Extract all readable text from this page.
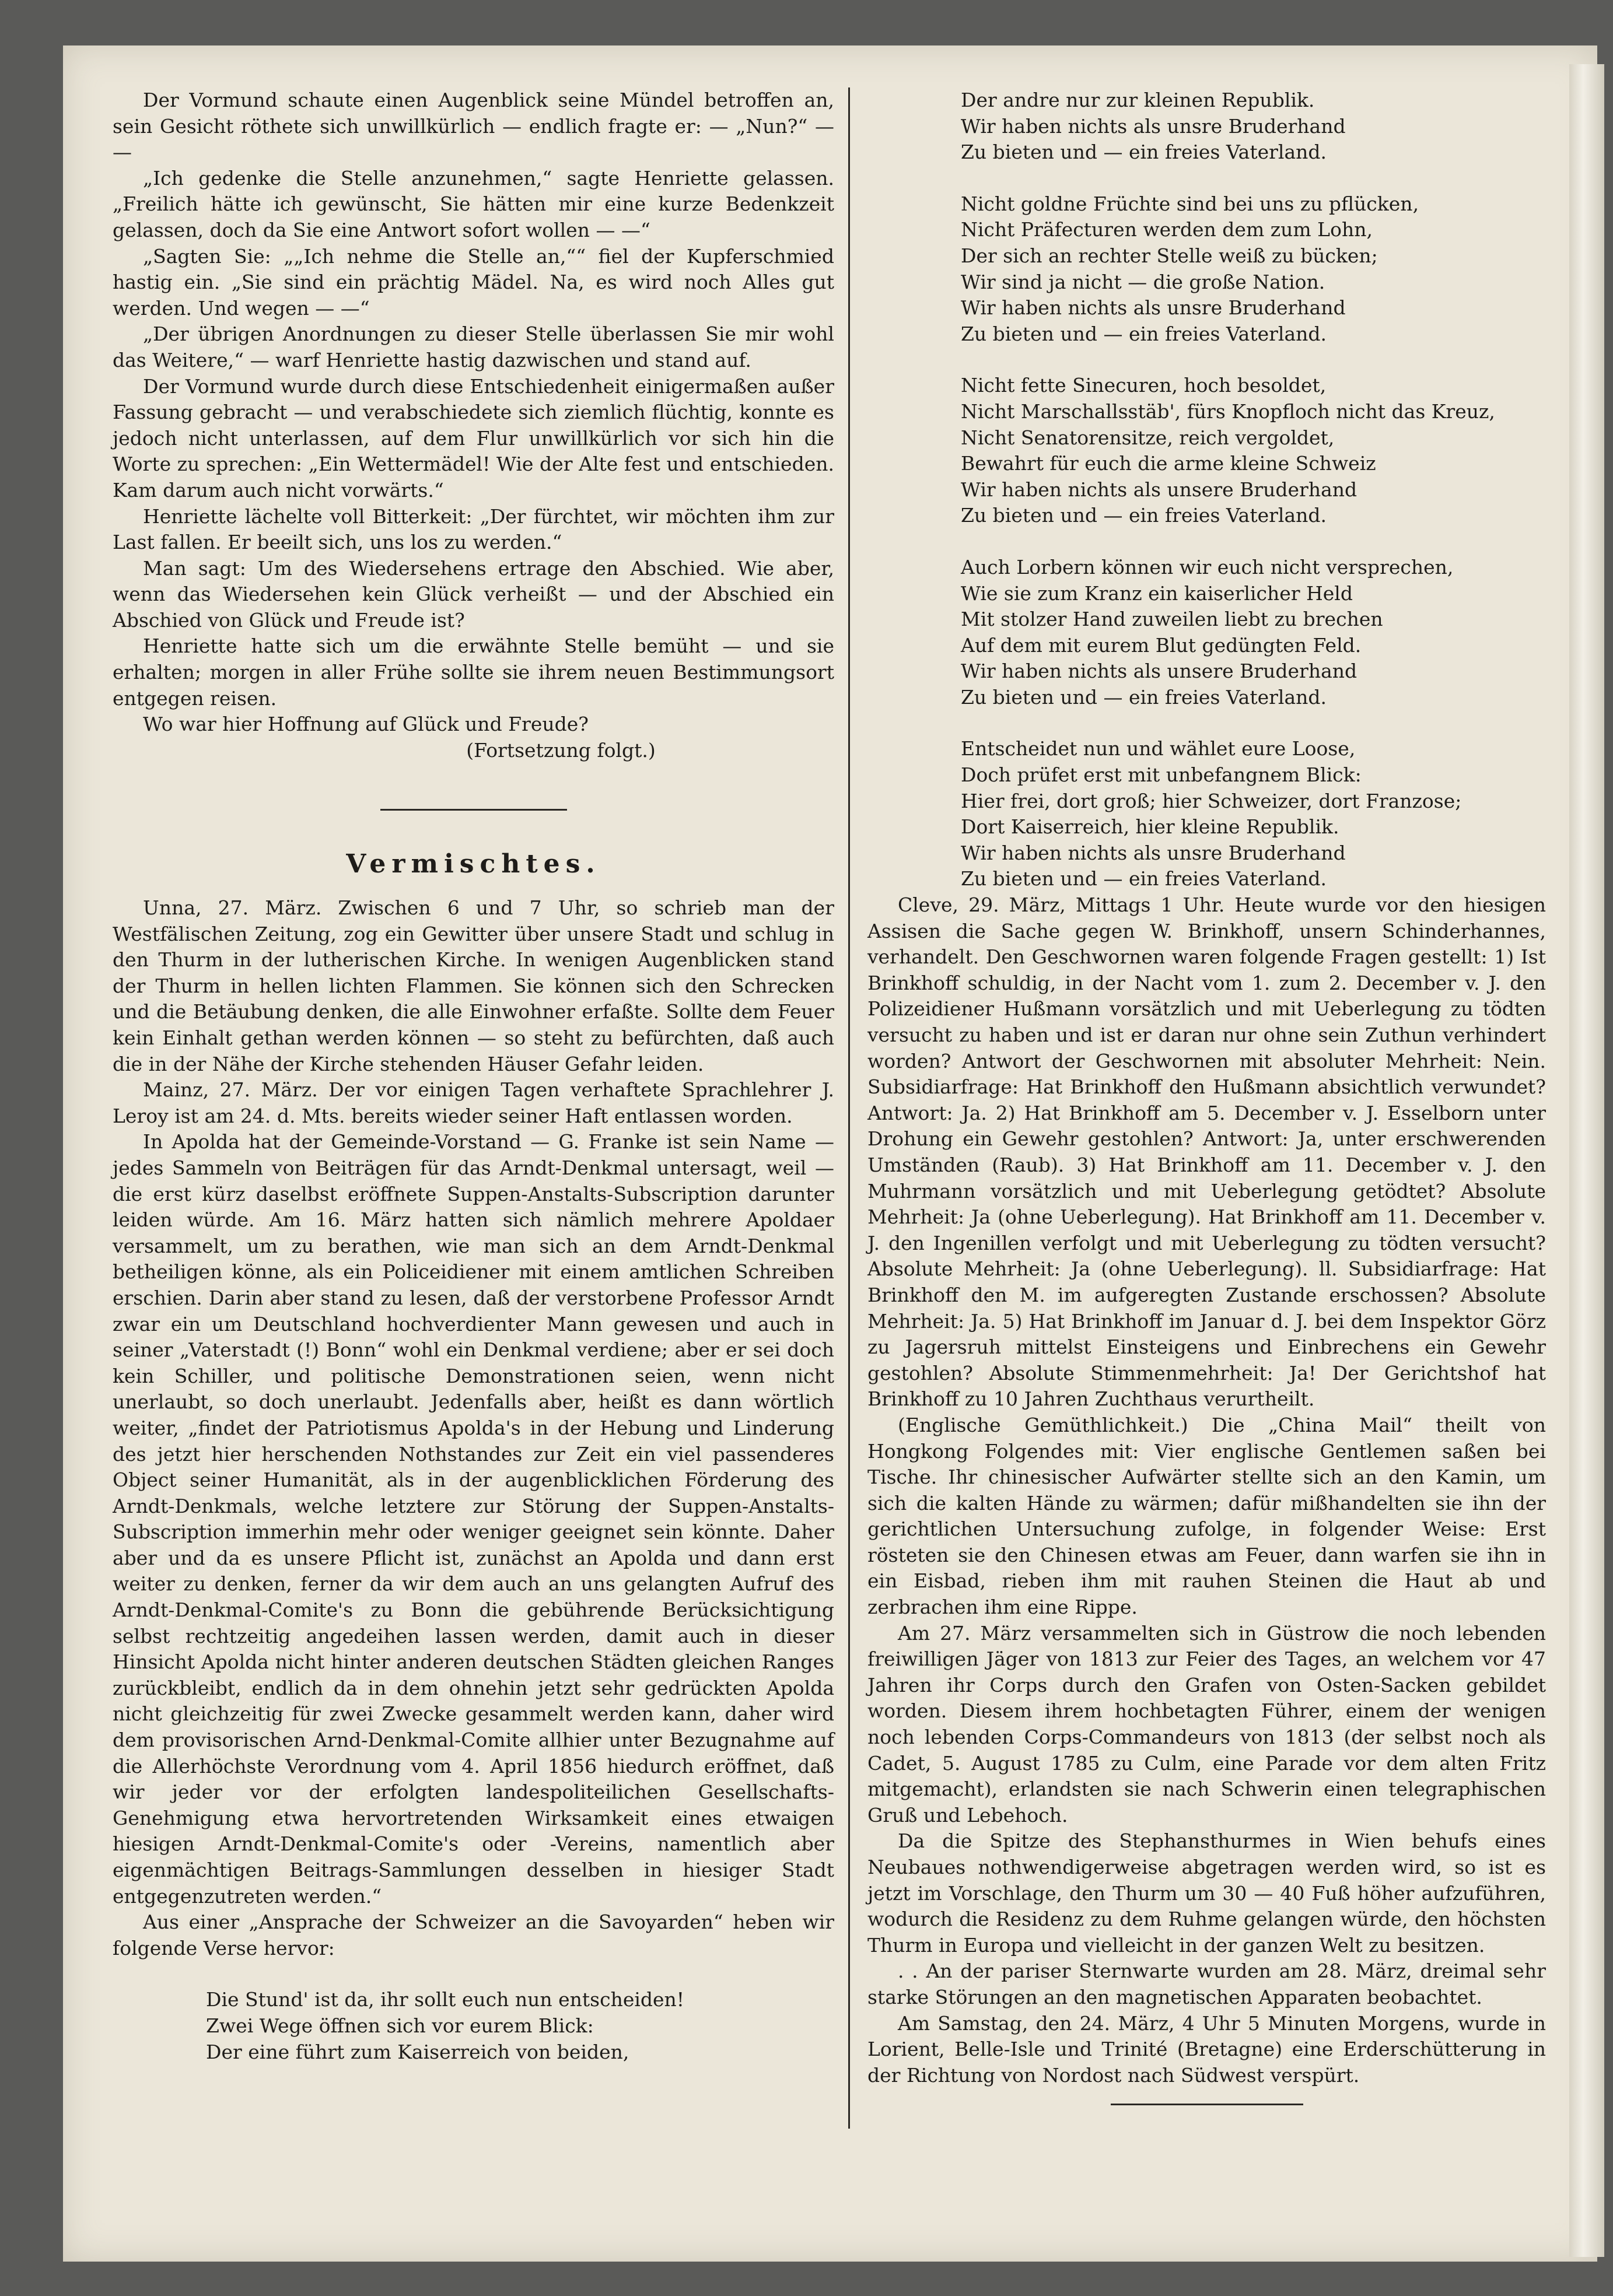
Der Vormund schaute einen Augenblick seine Mündel betroffen an, sein Gesicht röthete sich unwillkürlich — endlich fragte er: — „Nun?“ — —

„Ich gedenke die Stelle anzunehmen,“ sagte Henriette gelassen. „Freilich hätte ich gewünscht, Sie hätten mir eine kurze Bedenkzeit gelassen, doch da Sie eine Antwort sofort wollen — —“

„Sagten Sie: „„Ich nehme die Stelle an,““ fiel der Kupferschmied hastig ein. „Sie sind ein prächtig Mädel. Na, es wird noch Alles gut werden. Und wegen — —“

„Der übrigen Anordnungen zu dieser Stelle überlassen Sie mir wohl das Weitere,“ — warf Henriette hastig dazwischen und stand auf.

Der Vormund wurde durch diese Entschiedenheit einigermaßen außer Fassung gebracht — und verabschiedete sich ziemlich flüchtig, konnte es jedoch nicht unterlassen, auf dem Flur unwillkürlich vor sich hin die Worte zu sprechen: „Ein Wettermädel! Wie der Alte fest und entschieden. Kam darum auch nicht vorwärts.“

Henriette lächelte voll Bitterkeit: „Der fürchtet, wir möchten ihm zur Last fallen. Er beeilt sich, uns los zu werden.“

Man sagt: Um des Wiedersehens ertrage den Abschied. Wie aber, wenn das Wiedersehen kein Glück verheißt — und der Abschied ein Abschied von Glück und Freude ist?

Henriette hatte sich um die erwähnte Stelle bemüht — und sie erhalten; morgen in aller Frühe sollte sie ihrem neuen Bestimmungsort entgegen reisen.

Wo war hier Hoffnung auf Glück und Freude?

(Fortsetzung folgt.)

Vermischtes.

Unna, 27. März. Zwischen 6 und 7 Uhr, so schrieb man der Westfälischen Zeitung, zog ein Gewitter über unsere Stadt und schlug in den Thurm in der lutherischen Kirche. In wenigen Augenblicken stand der Thurm in hellen lichten Flammen. Sie können sich den Schrecken und die Betäubung denken, die alle Einwohner erfaßte. Sollte dem Feuer kein Einhalt gethan werden können — so steht zu befürchten, daß auch die in der Nähe der Kirche stehenden Häuser Gefahr leiden.

Mainz, 27. März. Der vor einigen Tagen verhaftete Sprachlehrer J. Leroy ist am 24. d. Mts. bereits wieder seiner Haft entlassen worden.

In Apolda hat der Gemeinde-Vorstand — G. Franke ist sein Name — jedes Sammeln von Beiträgen für das Arndt-Denkmal untersagt, weil — die erst kürz daselbst eröffnete Suppen-Anstalts-Subscription darunter leiden würde. Am 16. März hatten sich nämlich mehrere Apoldaer versammelt, um zu berathen, wie man sich an dem Arndt-Denkmal betheiligen könne, als ein Policeidiener mit einem amtlichen Schreiben erschien. Darin aber stand zu lesen, daß der verstorbene Professor Arndt zwar ein um Deutschland hochverdienter Mann gewesen und auch in seiner „Vaterstadt (!) Bonn“ wohl ein Denkmal verdiene; aber er sei doch kein Schiller, und politische Demonstrationen seien, wenn nicht unerlaubt, so doch unerlaubt. Jedenfalls aber, heißt es dann wörtlich weiter, „findet der Patriotismus Apolda's in der Hebung und Linderung des jetzt hier herschenden Nothstandes zur Zeit ein viel passenderes Object seiner Humanität, als in der augenblicklichen Förderung des Arndt-Denkmals, welche letztere zur Störung der Suppen-Anstalts-Subscription immerhin mehr oder weniger geeignet sein könnte. Daher aber und da es unsere Pflicht ist, zunächst an Apolda und dann erst weiter zu denken, ferner da wir dem auch an uns gelangten Aufruf des Arndt-Denkmal-Comite's zu Bonn die gebührende Berücksichtigung selbst rechtzeitig angedeihen lassen werden, damit auch in dieser Hinsicht Apolda nicht hinter anderen deutschen Städten gleichen Ranges zurückbleibt, endlich da in dem ohnehin jetzt sehr gedrückten Apolda nicht gleichzeitig für zwei Zwecke gesammelt werden kann, daher wird dem provisorischen Arnd-Denkmal-Comite allhier unter Bezugnahme auf die Allerhöchste Verordnung vom 4. April 1856 hiedurch eröffnet, daß wir jeder vor der erfolgten landespoliteilichen Gesellschafts-Genehmigung etwa hervortretenden Wirksamkeit eines etwaigen hiesigen Arndt-Denkmal-Comite's oder -Vereins, namentlich aber eigenmächtigen Beitrags-Sammlungen desselben in hiesiger Stadt entgegenzutreten werden.“

Aus einer „Ansprache der Schweizer an die Savoyarden“ heben wir folgende Verse hervor:

Die Stund' ist da, ihr sollt euch nun entscheiden!
Zwei Wege öffnen sich vor eurem Blick:
Der eine führt zum Kaiserreich von beiden,
Der andre nur zur kleinen Republik.
Wir haben nichts als unsre Bruderhand
Zu bieten und — ein freies Vaterland.
Nicht goldne Früchte sind bei uns zu pflücken,
Nicht Präfecturen werden dem zum Lohn,
Der sich an rechter Stelle weiß zu bücken;
Wir sind ja nicht — die große Nation.
Wir haben nichts als unsre Bruderhand
Zu bieten und — ein freies Vaterland.
Nicht fette Sinecuren, hoch besoldet,
Nicht Marschallsstäb', fürs Knopfloch nicht das Kreuz,
Nicht Senatorensitze, reich vergoldet,
Bewahrt für euch die arme kleine Schweiz
Wir haben nichts als unsere Bruderhand
Zu bieten und — ein freies Vaterland.
Auch Lorbern können wir euch nicht versprechen,
Wie sie zum Kranz ein kaiserlicher Held
Mit stolzer Hand zuweilen liebt zu brechen
Auf dem mit eurem Blut gedüngten Feld.
Wir haben nichts als unsere Bruderhand
Zu bieten und — ein freies Vaterland.
Entscheidet nun und wählet eure Loose,
Doch prüfet erst mit unbefangnem Blick:
Hier frei, dort groß; hier Schweizer, dort Franzose;
Dort Kaiserreich, hier kleine Republik.
Wir haben nichts als unsre Bruderhand
Zu bieten und — ein freies Vaterland.

Cleve, 29. März, Mittags 1 Uhr. Heute wurde vor den hiesigen Assisen die Sache gegen W. Brinkhoff, unsern Schinderhannes, verhandelt. Den Geschwornen waren folgende Fragen gestellt: 1) Ist Brinkhoff schuldig, in der Nacht vom 1. zum 2. December v. J. den Polizeidiener Hußmann vorsätzlich und mit Ueberlegung zu tödten versucht zu haben und ist er daran nur ohne sein Zuthun verhindert worden? Antwort der Geschwornen mit absoluter Mehrheit: Nein. Subsidiarfrage: Hat Brinkhoff den Hußmann absichtlich verwundet? Antwort: Ja. 2) Hat Brinkhoff am 5. December v. J. Esselborn unter Drohung ein Gewehr gestohlen? Antwort: Ja, unter erschwerenden Umständen (Raub). 3) Hat Brinkhoff am 11. December v. J. den Muhrmann vorsätzlich und mit Ueberlegung getödtet? Absolute Mehrheit: Ja (ohne Ueberlegung). Hat Brinkhoff am 11. December v. J. den Ingenillen verfolgt und mit Ueberlegung zu tödten versucht? Absolute Mehrheit: Ja (ohne Ueberlegung). ll. Subsidiarfrage: Hat Brinkhoff den M. im aufgeregten Zustande erschossen? Absolute Mehrheit: Ja. 5) Hat Brinkhoff im Januar d. J. bei dem Inspektor Görz zu Jagersruh mittelst Einsteigens und Einbrechens ein Gewehr gestohlen? Absolute Stimmenmehrheit: Ja! Der Gerichtshof hat Brinkhoff zu 10 Jahren Zuchthaus verurtheilt.

(Englische Gemüthlichkeit.) Die „China Mail“ theilt von Hongkong Folgendes mit: Vier englische Gentlemen saßen bei Tische. Ihr chinesischer Aufwärter stellte sich an den Kamin, um sich die kalten Hände zu wärmen; dafür mißhandelten sie ihn der gerichtlichen Untersuchung zufolge, in folgender Weise: Erst rösteten sie den Chinesen etwas am Feuer, dann warfen sie ihn in ein Eisbad, rieben ihm mit rauhen Steinen die Haut ab und zerbrachen ihm eine Rippe.

Am 27. März versammelten sich in Güstrow die noch lebenden freiwilligen Jäger von 1813 zur Feier des Tages, an welchem vor 47 Jahren ihr Corps durch den Grafen von Osten-Sacken gebildet worden. Diesem ihrem hochbetagten Führer, einem der wenigen noch lebenden Corps-Commandeurs von 1813 (der selbst noch als Cadet, 5. August 1785 zu Culm, eine Parade vor dem alten Fritz mitgemacht), erlandsten sie nach Schwerin einen telegraphischen Gruß und Lebehoch.

Da die Spitze des Stephansthurmes in Wien behufs eines Neubaues nothwendigerweise abgetragen werden wird, so ist es jetzt im Vorschlage, den Thurm um 30 — 40 Fuß höher aufzuführen, wodurch die Residenz zu dem Ruhme gelangen würde, den höchsten Thurm in Europa und vielleicht in der ganzen Welt zu besitzen.

. . An der pariser Sternwarte wurden am 28. März, dreimal sehr starke Störungen an den magnetischen Apparaten beobachtet.

Am Samstag, den 24. März, 4 Uhr 5 Minuten Morgens, wurde in Lorient, Belle-Isle und Trinité (Bretagne) eine Erderschütterung in der Richtung von Nordost nach Südwest verspürt.
